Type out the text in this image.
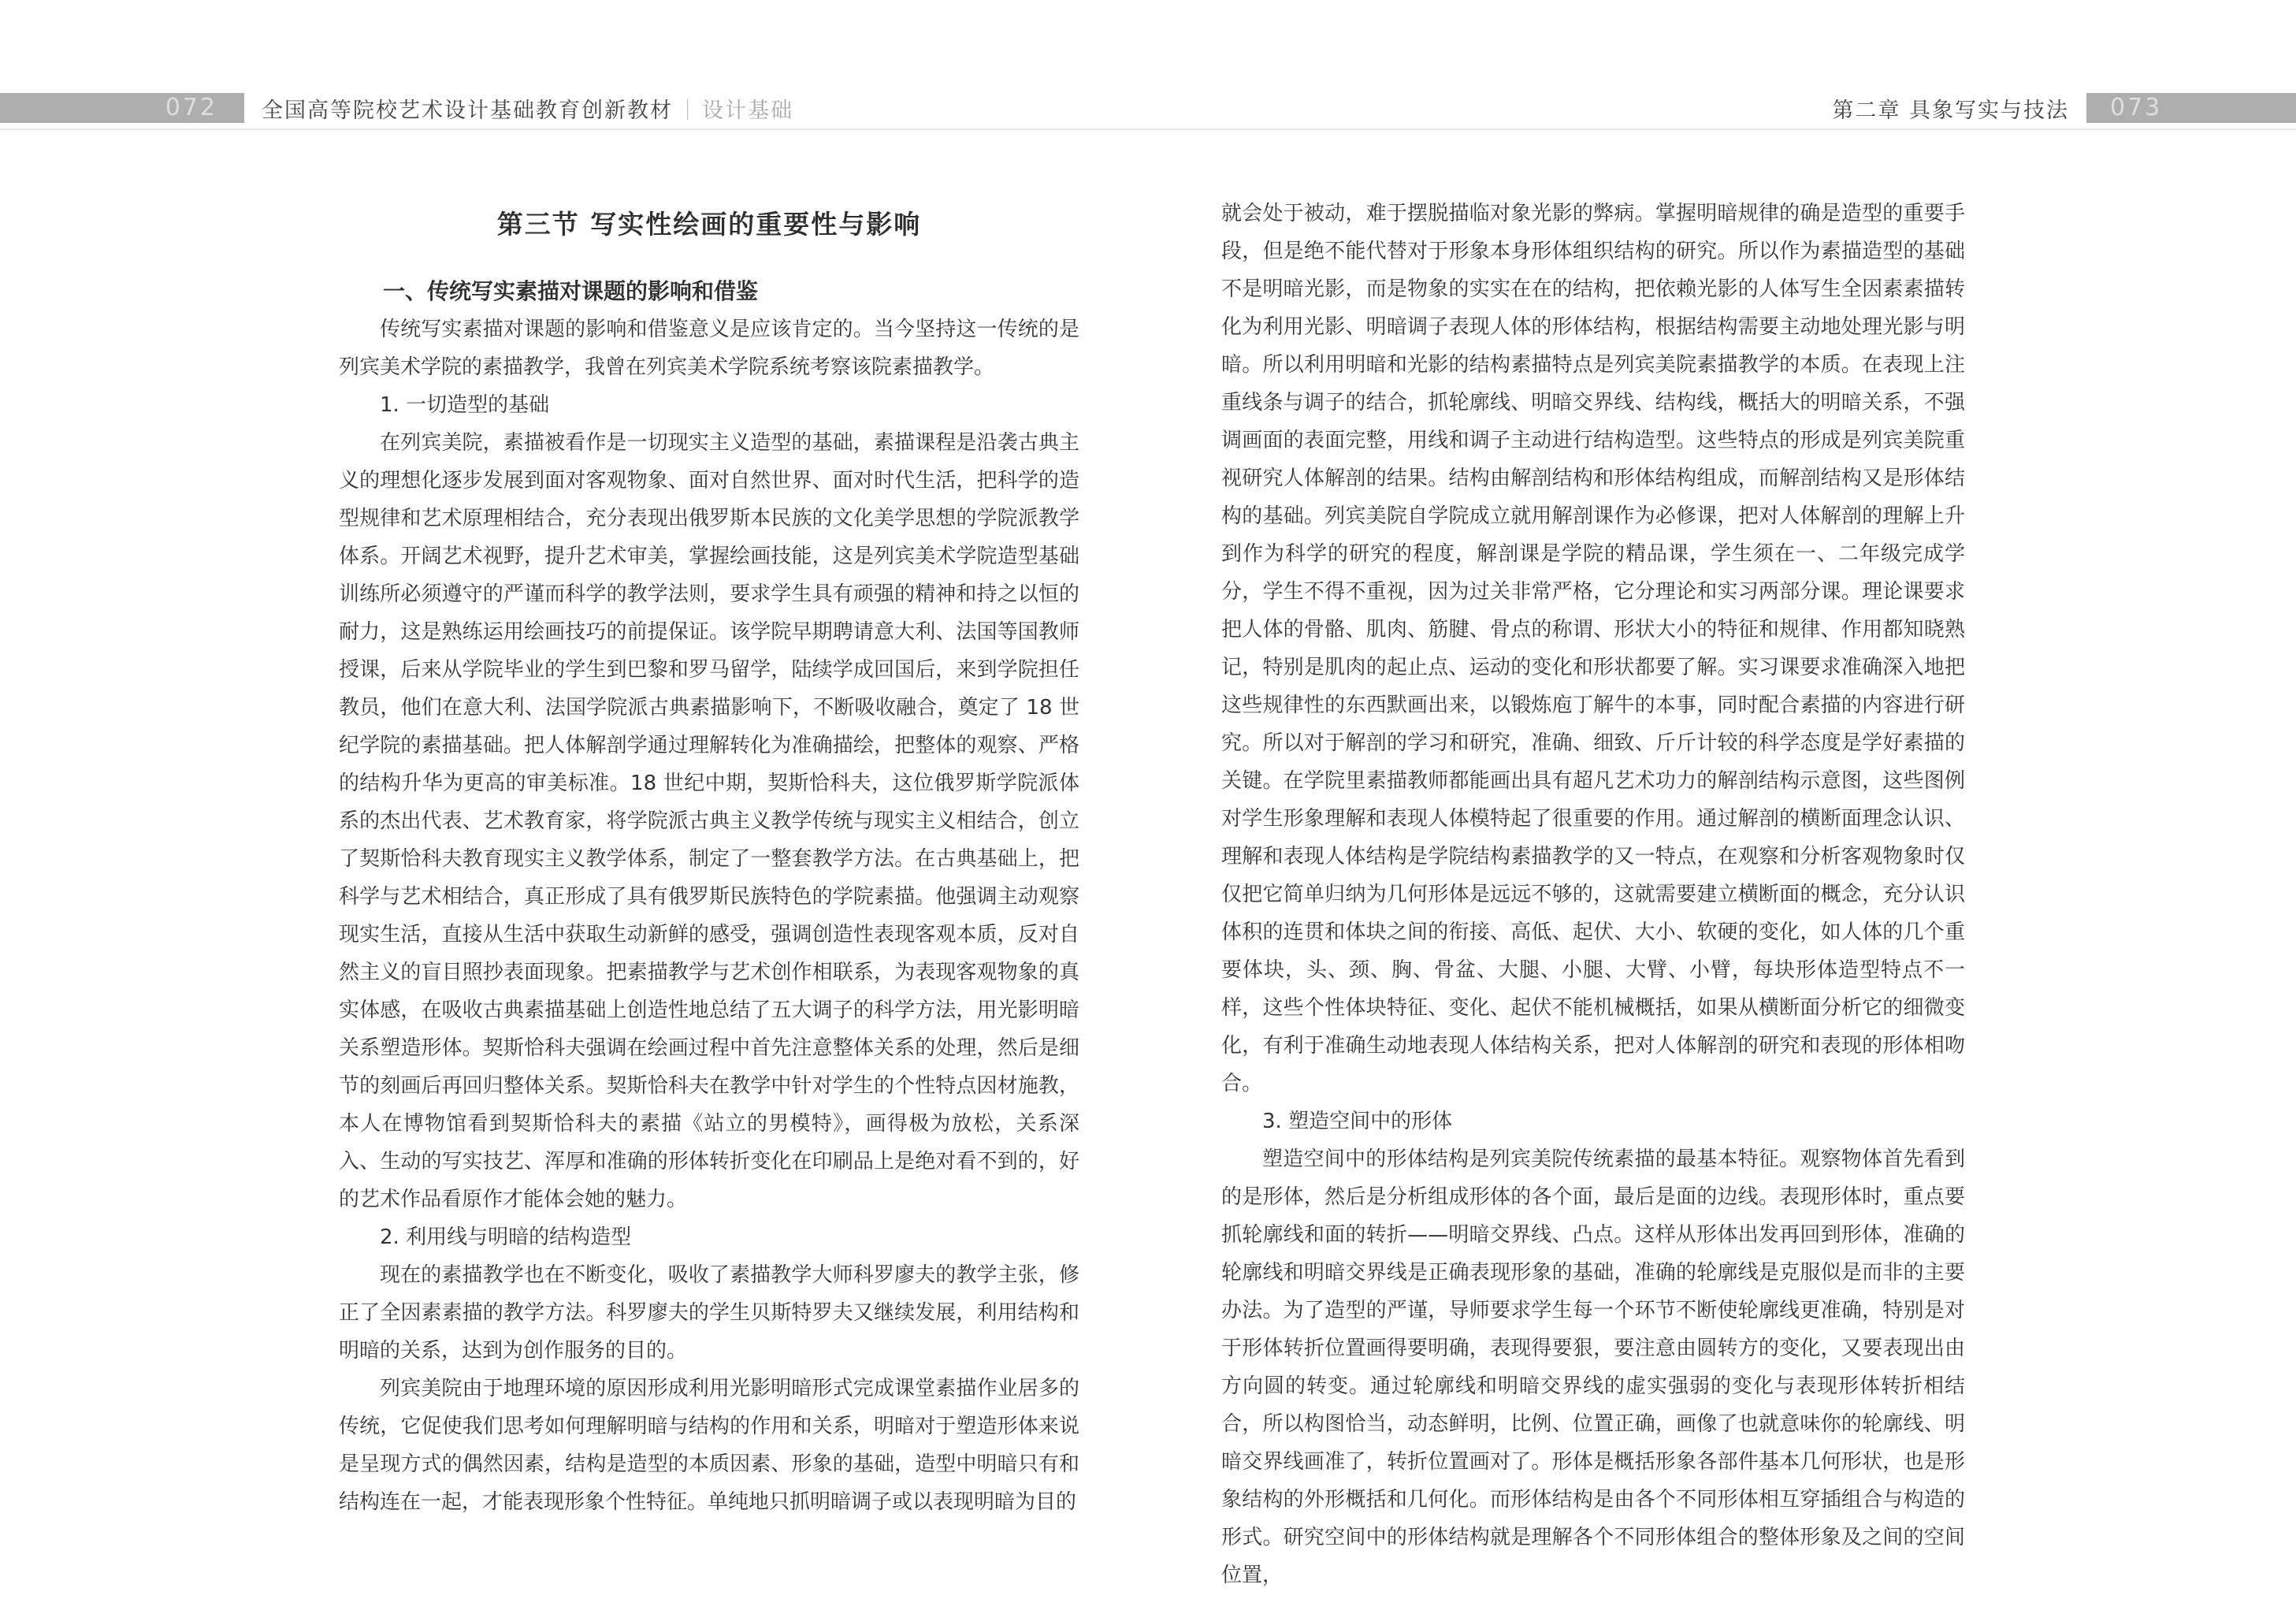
072 全国高等院校艺术设计基础教育创新教材 | 设计基础	第二章 具象写实与技法 073
第三节 写实性绘画的重要性与影响
一、传统写实素描对课题的影响和借鉴

传统写实素描对课题的影响和借鉴意义是应该肯定的。当今坚持这一传统的是列宾美术学院的素描教学，我曾在列宾美术学院系统考察该院素描教学。

1. 一切造型的基础

在列宾美院，素描被看作是一切现实主义造型的基础，素描课程是沿袭古典主义的理想化逐步发展到面对客观物象、面对自然世界、面对时代生活，把科学的造型规律和艺术原理相结合，充分表现出俄罗斯本民族的文化美学思想的学院派教学体系。开阔艺术视野，提升艺术审美，掌握绘画技能，这是列宾美术学院造型基础训练所必须遵守的严谨而科学的教学法则，要求学生具有顽强的精神和持之以恒的耐力，这是熟练运用绘画技巧的前提保证。该学院早期聘请意大利、法国等国教师授课，后来从学院毕业的学生到巴黎和罗马留学，陆续学成回国后，来到学院担任教员，他们在意大利、法国学院派古典素描影响下，不断吸收融合，奠定了 18 世纪学院的素描基础。把人体解剖学通过理解转化为准确描绘，把整体的观察、严格的结构升华为更高的审美标准。18 世纪中期，契斯恰科夫，这位俄罗斯学院派体系的杰出代表、艺术教育家，将学院派古典主义教学传统与现实主义相结合，创立了契斯恰科夫教育现实主义教学体系，制定了一整套教学方法。在古典基础上，把科学与艺术相结合，真正形成了具有俄罗斯民族特色的学院素描。他强调主动观察现实生活，直接从生活中获取生动新鲜的感受，强调创造性表现客观本质，反对自然主义的盲目照抄表面现象。把素描教学与艺术创作相联系，为表现客观物象的真实体感，在吸收古典素描基础上创造性地总结了五大调子的科学方法，用光影明暗关系塑造形体。契斯恰科夫强调在绘画过程中首先注意整体关系的处理，然后是细节的刻画后再回归整体关系。契斯恰科夫在教学中针对学生的个性特点因材施教，本人在博物馆看到契斯恰科夫的素描《站立的男模特》，画得极为放松，关系深入、生动的写实技艺、浑厚和准确的形体转折变化在印刷品上是绝对看不到的，好的艺术作品看原作才能体会她的魅力。

2. 利用线与明暗的结构造型

现在的素描教学也在不断变化，吸收了素描教学大师科罗廖夫的教学主张，修正了全因素素描的教学方法。科罗廖夫的学生贝斯特罗夫又继续发展，利用结构和明暗的关系，达到为创作服务的目的。

列宾美院由于地理环境的原因形成利用光影明暗形式完成课堂素描作业居多的传统，它促使我们思考如何理解明暗与结构的作用和关系，明暗对于塑造形体来说是呈现方式的偶然因素，结构是造型的本质因素、形象的基础，造型中明暗只有和结构连在一起，才能表现形象个性特征。单纯地只抓明暗调子或以表现明暗为目的

就会处于被动，难于摆脱描临对象光影的弊病。掌握明暗规律的确是造型的重要手段，但是绝不能代替对于形象本身形体组织结构的研究。所以作为素描造型的基础不是明暗光影，而是物象的实实在在的结构，把依赖光影的人体写生全因素素描转化为利用光影、明暗调子表现人体的形体结构，根据结构需要主动地处理光影与明暗。所以利用明暗和光影的结构素描特点是列宾美院素描教学的本质。在表现上注重线条与调子的结合，抓轮廓线、明暗交界线、结构线，概括大的明暗关系，不强调画面的表面完整，用线和调子主动进行结构造型。这些特点的形成是列宾美院重视研究人体解剖的结果。结构由解剖结构和形体结构组成，而解剖结构又是形体结构的基础。列宾美院自学院成立就用解剖课作为必修课，把对人体解剖的理解上升到作为科学的研究的程度，解剖课是学院的精品课，学生须在一、二年级完成学分，学生不得不重视，因为过关非常严格，它分理论和实习两部分课。理论课要求把人体的骨骼、肌肉、筋腱、骨点的称谓、形状大小的特征和规律、作用都知晓熟记，特别是肌肉的起止点、运动的变化和形状都要了解。实习课要求准确深入地把这些规律性的东西默画出来，以锻炼庖丁解牛的本事，同时配合素描的内容进行研究。所以对于解剖的学习和研究，准确、细致、斤斤计较的科学态度是学好素描的关键。在学院里素描教师都能画出具有超凡艺术功力的解剖结构示意图，这些图例对学生形象理解和表现人体模特起了很重要的作用。通过解剖的横断面理念认识、理解和表现人体结构是学院结构素描教学的又一特点，在观察和分析客观物象时仅仅把它简单归纳为几何形体是远远不够的，这就需要建立横断面的概念，充分认识体积的连贯和体块之间的衔接、高低、起伏、大小、软硬的变化，如人体的几个重要体块，头、颈、胸、骨盆、大腿、小腿、大臂、小臂，每块形体造型特点不一样，这些个性体块特征、变化、起伏不能机械概括，如果从横断面分析它的细微变化，有利于准确生动地表现人体结构关系，把对人体解剖的研究和表现的形体相吻合。

3. 塑造空间中的形体

塑造空间中的形体结构是列宾美院传统素描的最基本特征。观察物体首先看到的是形体，然后是分析组成形体的各个面，最后是面的边线。表现形体时，重点要抓轮廓线和面的转折——明暗交界线、凸点。这样从形体出发再回到形体，准确的轮廓线和明暗交界线是正确表现形象的基础，准确的轮廓线是克服似是而非的主要办法。为了造型的严谨，导师要求学生每一个环节不断使轮廓线更准确，特别是对于形体转折位置画得要明确，表现得要狠，要注意由圆转方的变化，又要表现出由方向圆的转变。通过轮廓线和明暗交界线的虚实强弱的变化与表现形体转折相结合，所以构图恰当，动态鲜明，比例、位置正确，画像了也就意味你的轮廓线、明暗交界线画准了，转折位置画对了。形体是概括形象各部件基本几何形状，也是形象结构的外形概括和几何化。而形体结构是由各个不同形体相互穿插组合与构造的形式。研究空间中的形体结构就是理解各个不同形体组合的整体形象及之间的空间位置，
